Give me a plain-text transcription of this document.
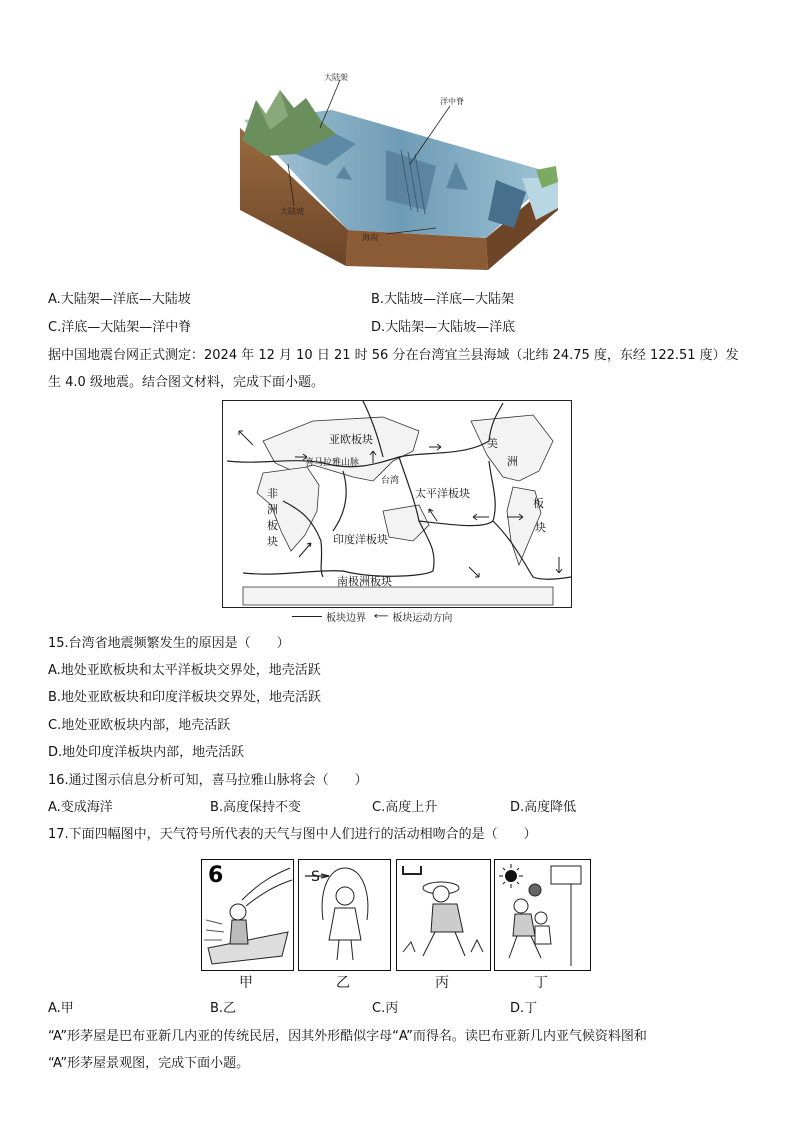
大陆架
洋中脊
大陆坡
海沟
A.大陆架—洋底—大陆坡	B.大陆坡—洋底—大陆架
C.洋底—大陆架—洋中脊	D.大陆架—大陆坡—洋底
据中国地震台网正式测定：2024 年 12 月 10 日 21 时 56 分在台湾宜兰县海域（北纬 24.75 度，东经 122.51 度）发
生 4.0 级地震。结合图文材料，完成下面小题。
亚欧板块
喜马拉雅山脉
台湾
太平洋板块
美
洲
板
块
非
洲
板
块	印度洋板块
南极洲板块
板块边界 ⟵ 板块运动方向
15.台湾省地震频繁发生的原因是（　　）
A.地处亚欧板块和太平洋板块交界处，地壳活跃
B.地处亚欧板块和印度洋板块交界处，地壳活跃
C.地处亚欧板块内部，地壳活跃
D.地处印度洋板块内部，地壳活跃
16.通过图示信息分析可知，喜马拉雅山脉将会（　　）
A.变成海洋	B.高度保持不变	C.高度上升	D.高度降低
17.下面四幅图中，天气符号所代表的天气与图中人们进行的活动相吻合的是（　　）
6
甲
S
乙	丙	丁
A.甲	B.乙	C.丙	D.丁
“A”形茅屋是巴布亚新几内亚的传统民居，因其外形酷似字母“A”而得名。读巴布亚新几内亚气候资料图和
“A”形茅屋景观图，完成下面小题。
